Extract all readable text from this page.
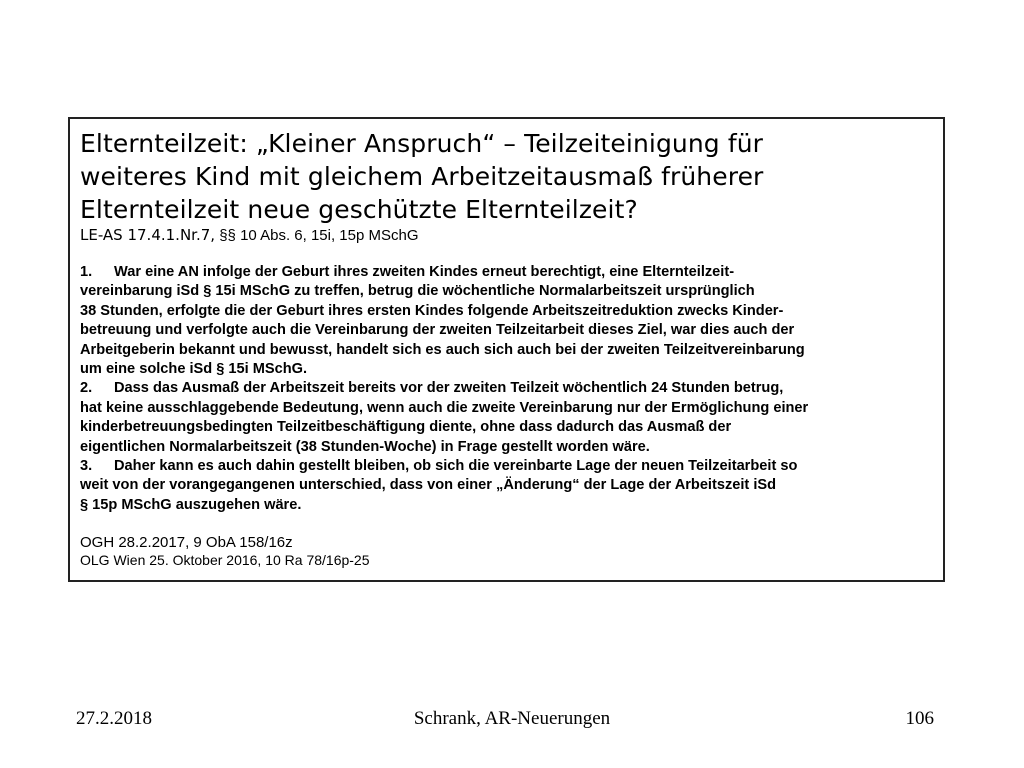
Elternteilzeit: „Kleiner Anspruch“ – Teilzeiteinigung für
weiteres Kind mit gleichem Arbeitzeitausmaß früherer
Elternteilzeit neue geschützte Elternteilzeit?

LE-AS 17.4.1.Nr.7, §§ 10 Abs. 6, 15i, 15p MSchG

1. War eine AN infolge der Geburt ihres zweiten Kindes erneut berechtigt, eine Elternteilzeit-

vereinbarung iSd § 15i MSchG zu treffen, betrug die wöchentliche Normalarbeitszeit ursprünglich

38 Stunden, erfolgte die der Geburt ihres ersten Kindes folgende Arbeitszeitreduktion zwecks Kinder-

betreuung und verfolgte auch die Vereinbarung der zweiten Teilzeitarbeit dieses Ziel, war dies auch der

Arbeitgeberin bekannt und bewusst, handelt sich es auch sich auch bei der zweiten Teilzeitvereinbarung

um eine solche iSd § 15i MSchG.

2. Dass das Ausmaß der Arbeitszeit bereits vor der zweiten Teilzeit wöchentlich 24 Stunden betrug,

hat keine ausschlaggebende Bedeutung, wenn auch die zweite Vereinbarung nur der Ermöglichung einer

kinderbetreuungsbedingten Teilzeitbeschäftigung diente, ohne dass dadurch das Ausmaß der

eigentlichen Normalarbeitszeit (38 Stunden-Woche) in Frage gestellt worden wäre.

3. Daher kann es auch dahin gestellt bleiben, ob sich die vereinbarte Lage der neuen Teilzeitarbeit so

weit von der vorangegangenen unterschied, dass von einer „Änderung“ der Lage der Arbeitszeit iSd

§ 15p MSchG auszugehen wäre.

OGH 28.2.2017, 9 ObA 158/16z

OLG Wien 25. Oktober 2016, 10 Ra 78/16p-25

27.2.2018	Schrank, AR-Neuerungen	106
